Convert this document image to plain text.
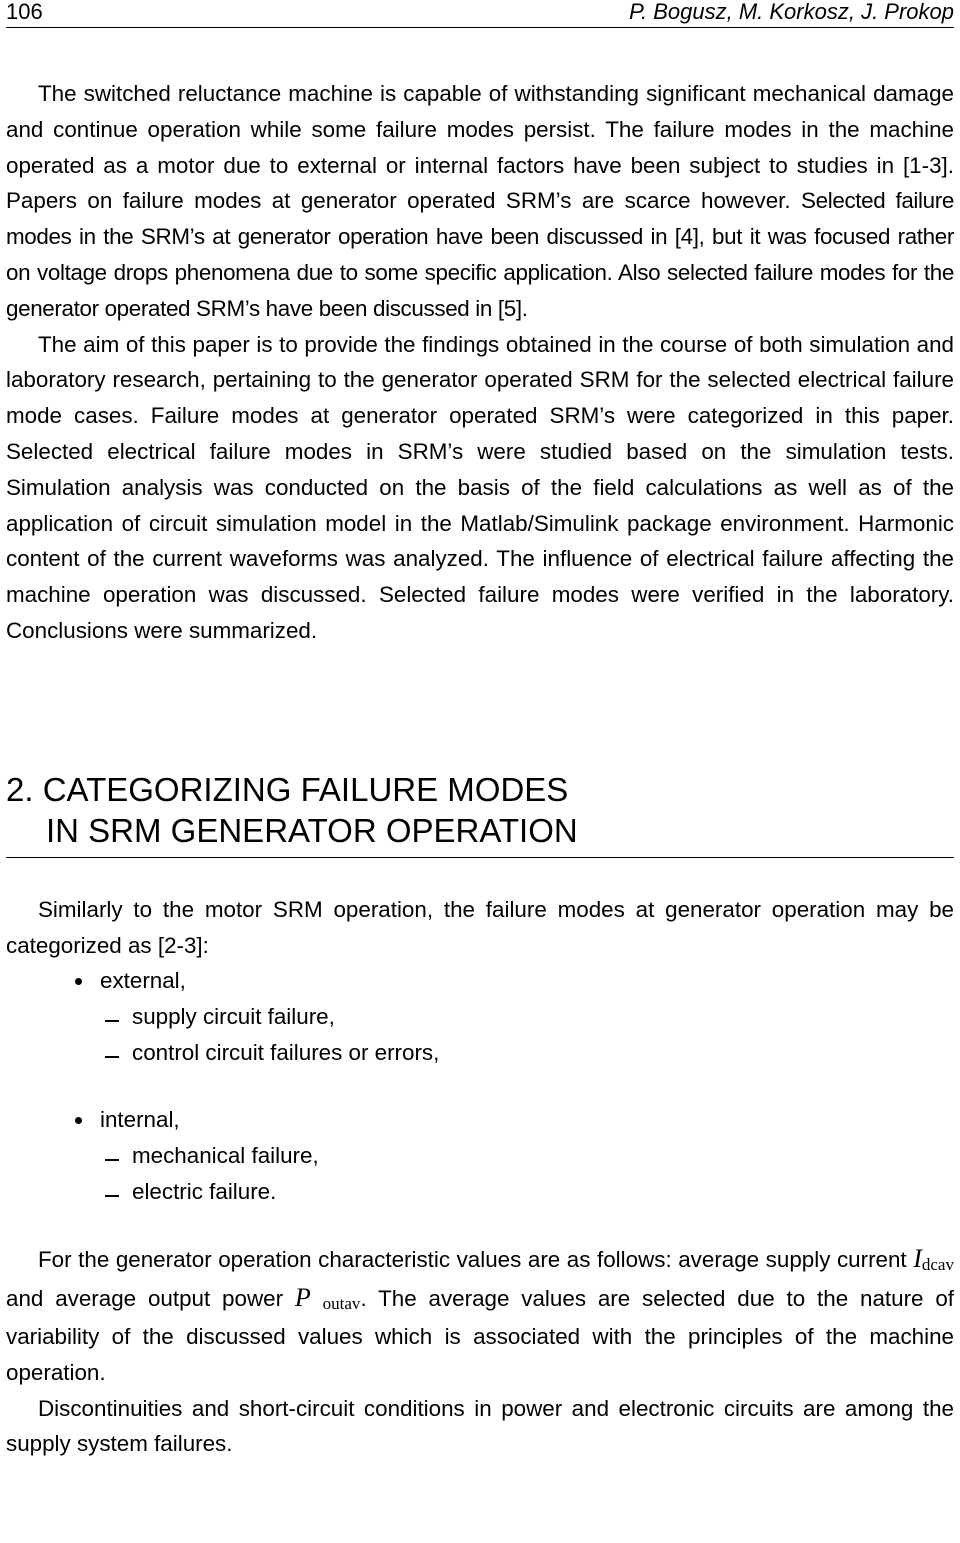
106	P. Bogusz, M. Korkosz, J. Prokop

The switched reluctance machine is capable of withstanding significant mechanical damage and continue operation while some failure modes persist. The failure modes in the machine operated as a motor due to external or internal factors have been subject to studies in [1-3]. Papers on failure modes at generator operated SRM’s are scarce however. Selected failure modes in the SRM’s at generator operation have been discussed in [4], but it was focused rather on voltage drops phenomena due to some specific application. Also selected failure modes for the generator operated SRM’s have been discussed in [5].

The aim of this paper is to provide the findings obtained in the course of both simulation and laboratory research, pertaining to the generator operated SRM for the selected electrical failure mode cases. Failure modes at generator operated SRM’s were categorized in this paper. Selected electrical failure modes in SRM’s were studied based on the simulation tests. Simulation analysis was conducted on the basis of the field calculations as well as of the application of circuit simulation model in the Matlab/Simulink package environment. Harmonic content of the current waveforms was analyzed. The influence of electrical failure affecting the machine operation was discussed. Selected failure modes were verified in the laboratory. Conclusions were summarized.

2. CATEGORIZING FAILURE MODES
IN SRM GENERATOR OPERATION

Similarly to the motor SRM operation, the failure modes at generator operation may be categorized as [2-3]:

external,
supply circuit failure,
control circuit failures or errors,
internal,
mechanical failure,
electric failure.

For the generator operation characteristic values are as follows: average supply current Idcav and average output power P outav. The average values are selected due to the nature of variability of the discussed values which is associated with the principles of the machine operation.

Discontinuities and short-circuit conditions in power and electronic circuits are among the supply system failures.
